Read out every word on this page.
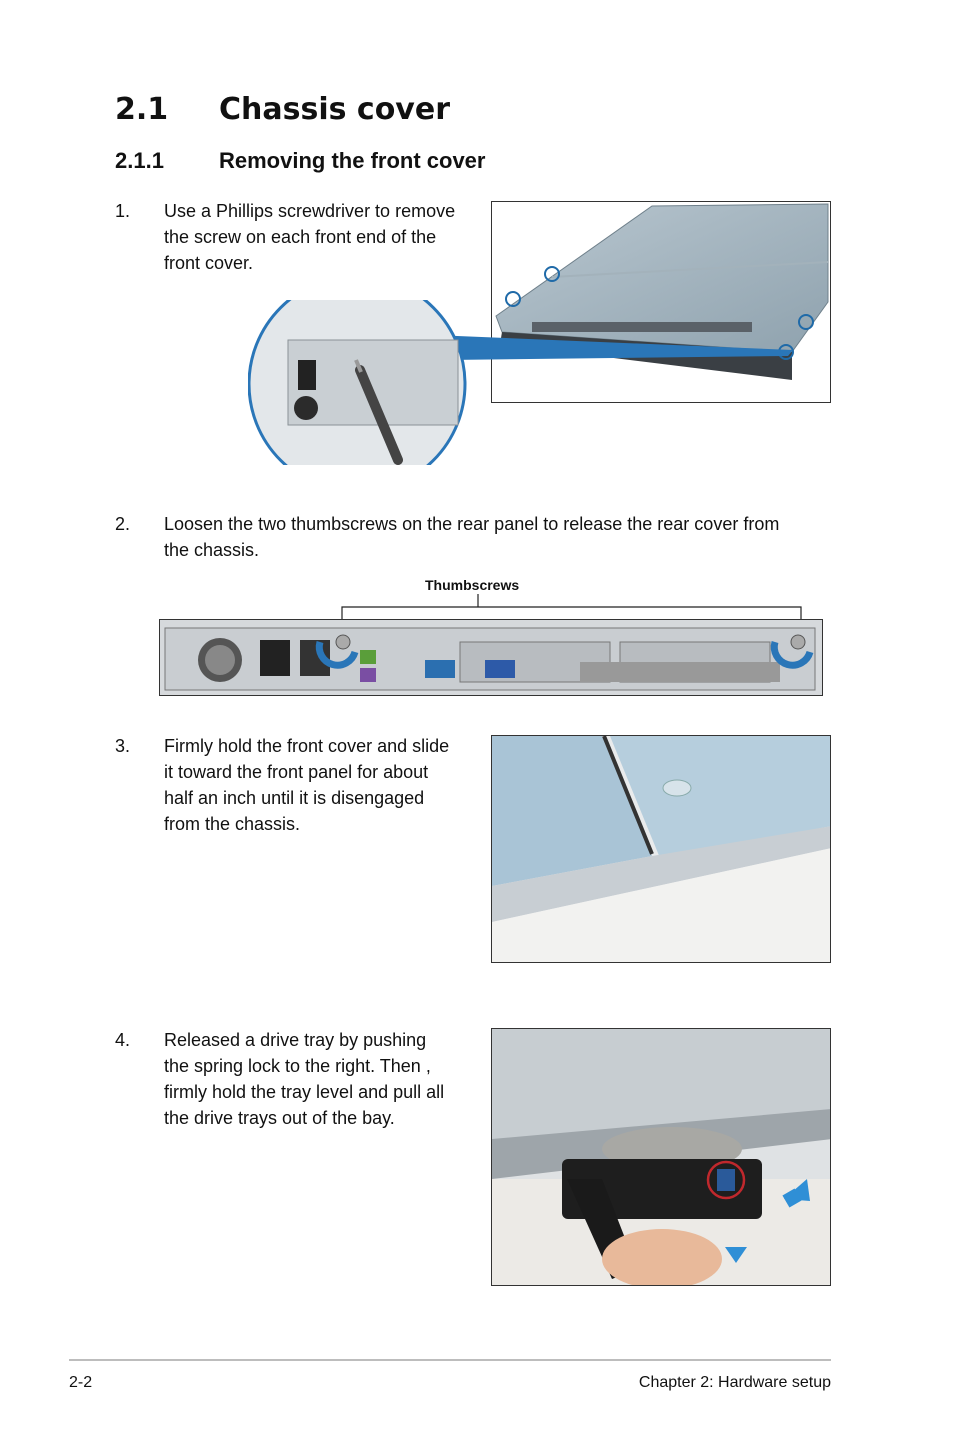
2.1 Chassis cover
2.1.1	Removing the front cover
1. Use a Phillips screwdriver to remove
the screw on each front end of the
front cover.
2. Loosen the two thumbscrews on the rear panel to release the rear cover from
the chassis.
Thumbscrews
3. Firmly hold the front cover and slide
it toward the front panel for about
half an inch until it is disengaged
from the chassis.
4. Released a drive tray by pushing
the spring lock to the right. Then ,
firmly hold the tray level and pull all
the drive trays out of the bay.
2-2	Chapter 2: Hardware setup
